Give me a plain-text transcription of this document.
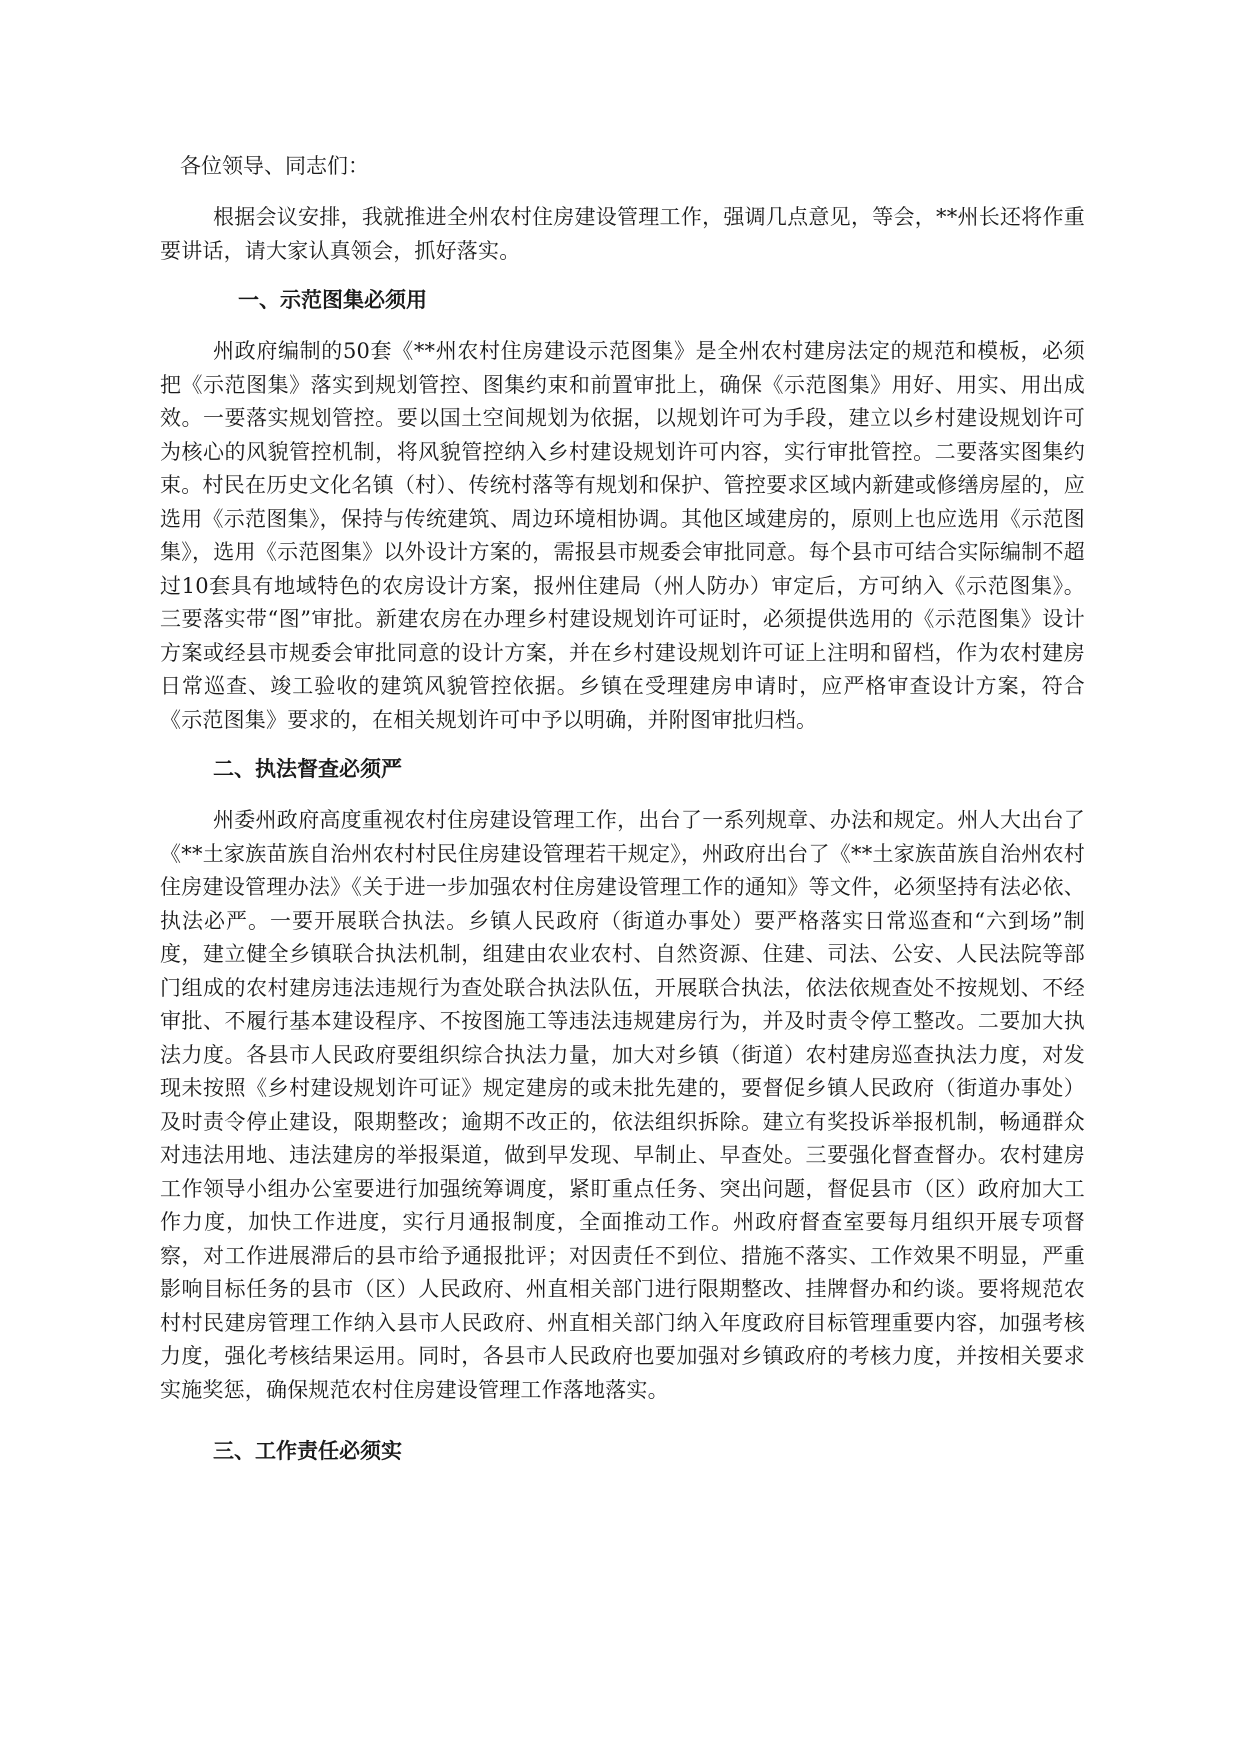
各位领导、同志们：

根据会议安排，我就推进全州农村住房建设管理工作，强调几点意见，等会，**州长还将作重要讲话，请大家认真领会，抓好落实。

一、示范图集必须用

州政府编制的50套《**州农村住房建设示范图集》是全州农村建房法定的规范和模板，必须把《示范图集》落实到规划管控、图集约束和前置审批上，确保《示范图集》用好、用实、用出成效。一要落实规划管控。要以国土空间规划为依据，以规划许可为手段，建立以乡村建设规划许可为核心的风貌管控机制，将风貌管控纳入乡村建设规划许可内容，实行审批管控。二要落实图集约束。村民在历史文化名镇（村）、传统村落等有规划和保护、管控要求区域内新建或修缮房屋的，应选用《示范图集》，保持与传统建筑、周边环境相协调。其他区域建房的，原则上也应选用《示范图集》，选用《示范图集》以外设计方案的，需报县市规委会审批同意。每个县市可结合实际编制不超过10套具有地域特色的农房设计方案，报州住建局（州人防办）审定后，方可纳入《示范图集》。三要落实带“图”审批。新建农房在办理乡村建设规划许可证时，必须提供选用的《示范图集》设计方案或经县市规委会审批同意的设计方案，并在乡村建设规划许可证上注明和留档，作为农村建房日常巡查、竣工验收的建筑风貌管控依据。乡镇在受理建房申请时，应严格审查设计方案，符合《示范图集》要求的，在相关规划许可中予以明确，并附图审批归档。

二、执法督查必须严

州委州政府高度重视农村住房建设管理工作，出台了一系列规章、办法和规定。州人大出台了《**土家族苗族自治州农村村民住房建设管理若干规定》，州政府出台了《**土家族苗族自治州农村住房建设管理办法》《关于进一步加强农村住房建设管理工作的通知》等文件，必须坚持有法必依、执法必严。一要开展联合执法。乡镇人民政府（街道办事处）要严格落实日常巡查和“六到场”制度，建立健全乡镇联合执法机制，组建由农业农村、自然资源、住建、司法、公安、人民法院等部门组成的农村建房违法违规行为查处联合执法队伍，开展联合执法，依法依规查处不按规划、不经审批、不履行基本建设程序、不按图施工等违法违规建房行为，并及时责令停工整改。二要加大执法力度。各县市人民政府要组织综合执法力量，加大对乡镇（街道）农村建房巡查执法力度，对发现未按照《乡村建设规划许可证》规定建房的或未批先建的，要督促乡镇人民政府（街道办事处）及时责令停止建设，限期整改；逾期不改正的，依法组织拆除。建立有奖投诉举报机制，畅通群众对违法用地、违法建房的举报渠道，做到早发现、早制止、早查处。三要强化督查督办。农村建房工作领导小组办公室要进行加强统筹调度，紧盯重点任务、突出问题，督促县市（区）政府加大工作力度，加快工作进度，实行月通报制度，全面推动工作。州政府督查室要每月组织开展专项督察，对工作进展滞后的县市给予通报批评；对因责任不到位、措施不落实、工作效果不明显，严重影响目标任务的县市（区）人民政府、州直相关部门进行限期整改、挂牌督办和约谈。要将规范农村村民建房管理工作纳入县市人民政府、州直相关部门纳入年度政府目标管理重要内容，加强考核力度，强化考核结果运用。同时，各县市人民政府也要加强对乡镇政府的考核力度，并按相关要求实施奖惩，确保规范农村住房建设管理工作落地落实。

三、工作责任必须实
